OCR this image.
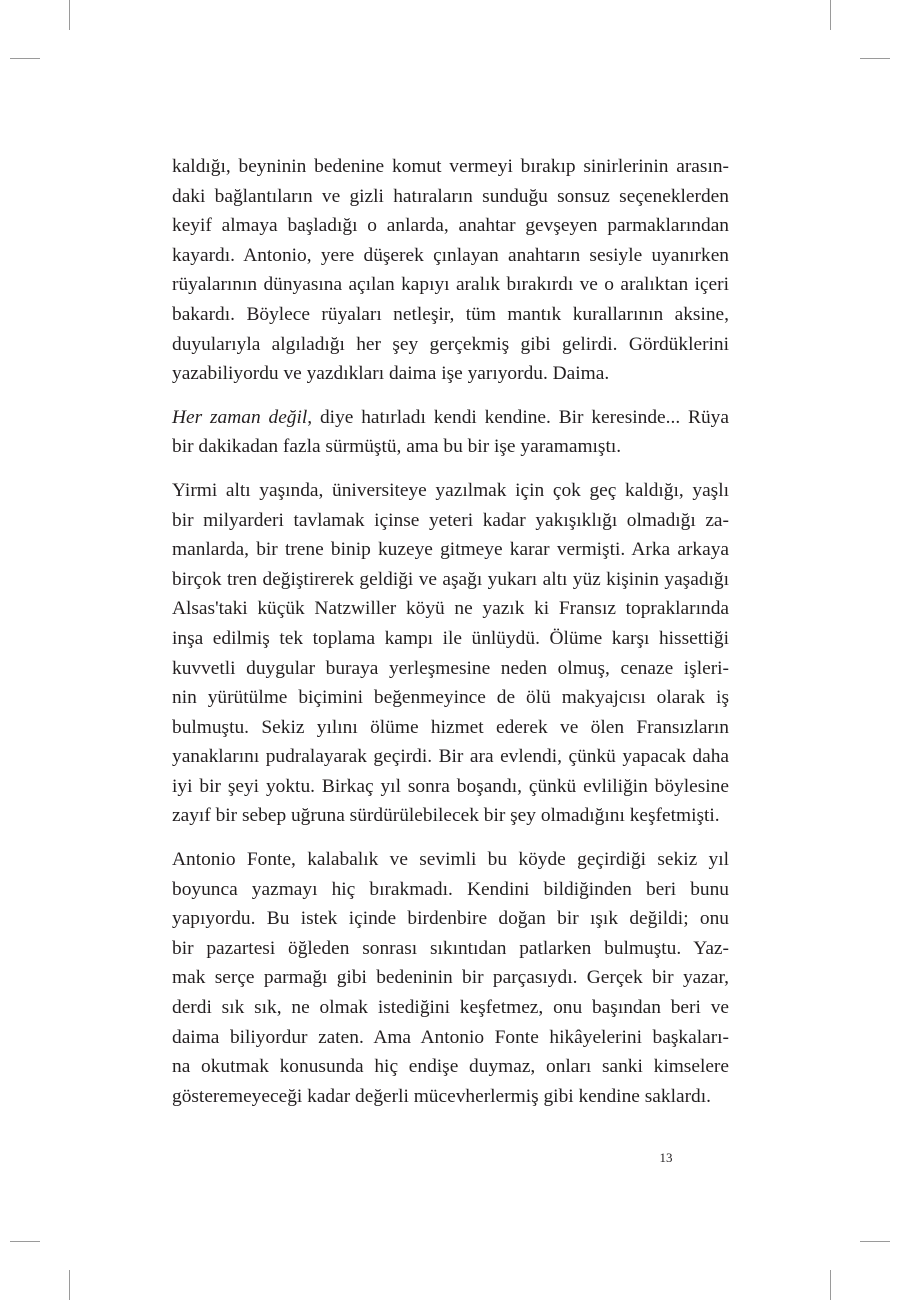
kaldığı, beyninin bedenine komut vermeyi bırakıp sinirlerinin arasın-
daki bağlantıların ve gizli hatıraların sunduğu sonsuz seçeneklerden
keyif almaya başladığı o anlarda, anahtar gevşeyen parmaklarından
kayardı. Antonio, yere düşerek çınlayan anahtarın sesiyle uyanırken
rüyalarının dünyasına açılan kapıyı aralık bırakırdı ve o aralıktan içeri
bakardı. Böylece rüyaları netleşir, tüm mantık kurallarının aksine,
duyularıyla algıladığı her şey gerçekmiş gibi gelirdi. Gördüklerini
yazabiliyordu ve yazdıkları daima işe yarıyordu. Daima.

Her zaman değil, diye hatırladı kendi kendine. Bir keresinde... Rüya
bir dakikadan fazla sürmüştü, ama bu bir işe yaramamıştı.

Yirmi altı yaşında, üniversiteye yazılmak için çok geç kaldığı, yaşlı
bir milyarderi tavlamak içinse yeteri kadar yakışıklığı olmadığı za-
manlarda, bir trene binip kuzeye gitmeye karar vermişti. Arka arkaya
birçok tren değiştirerek geldiği ve aşağı yukarı altı yüz kişinin yaşadığı
Alsas'taki küçük Natzwiller köyü ne yazık ki Fransız topraklarında
inşa edilmiş tek toplama kampı ile ünlüydü. Ölüme karşı hissettiği
kuvvetli duygular buraya yerleşmesine neden olmuş, cenaze işleri-
nin yürütülme biçimini beğenmeyince de ölü makyajcısı olarak iş
bulmuştu. Sekiz yılını ölüme hizmet ederek ve ölen Fransızların
yanaklarını pudralayarak geçirdi. Bir ara evlendi, çünkü yapacak daha
iyi bir şeyi yoktu. Birkaç yıl sonra boşandı, çünkü evliliğin böylesine
zayıf bir sebep uğruna sürdürülebilecek bir şey olmadığını keşfetmişti.

Antonio Fonte, kalabalık ve sevimli bu köyde geçirdiği sekiz yıl
boyunca yazmayı hiç bırakmadı. Kendini bildiğinden beri bunu
yapıyordu. Bu istek içinde birdenbire doğan bir ışık değildi; onu
bir pazartesi öğleden sonrası sıkıntıdan patlarken bulmuştu. Yaz-
mak serçe parmağı gibi bedeninin bir parçasıydı. Gerçek bir yazar,
derdi sık sık, ne olmak istediğini keşfetmez, onu başından beri ve
daima biliyordur zaten. Ama Antonio Fonte hikâyelerini başkaları-
na okutmak konusunda hiç endişe duymaz, onları sanki kimselere
gösteremeyeceği kadar değerli mücevherlermiş gibi kendine saklardı.

13
